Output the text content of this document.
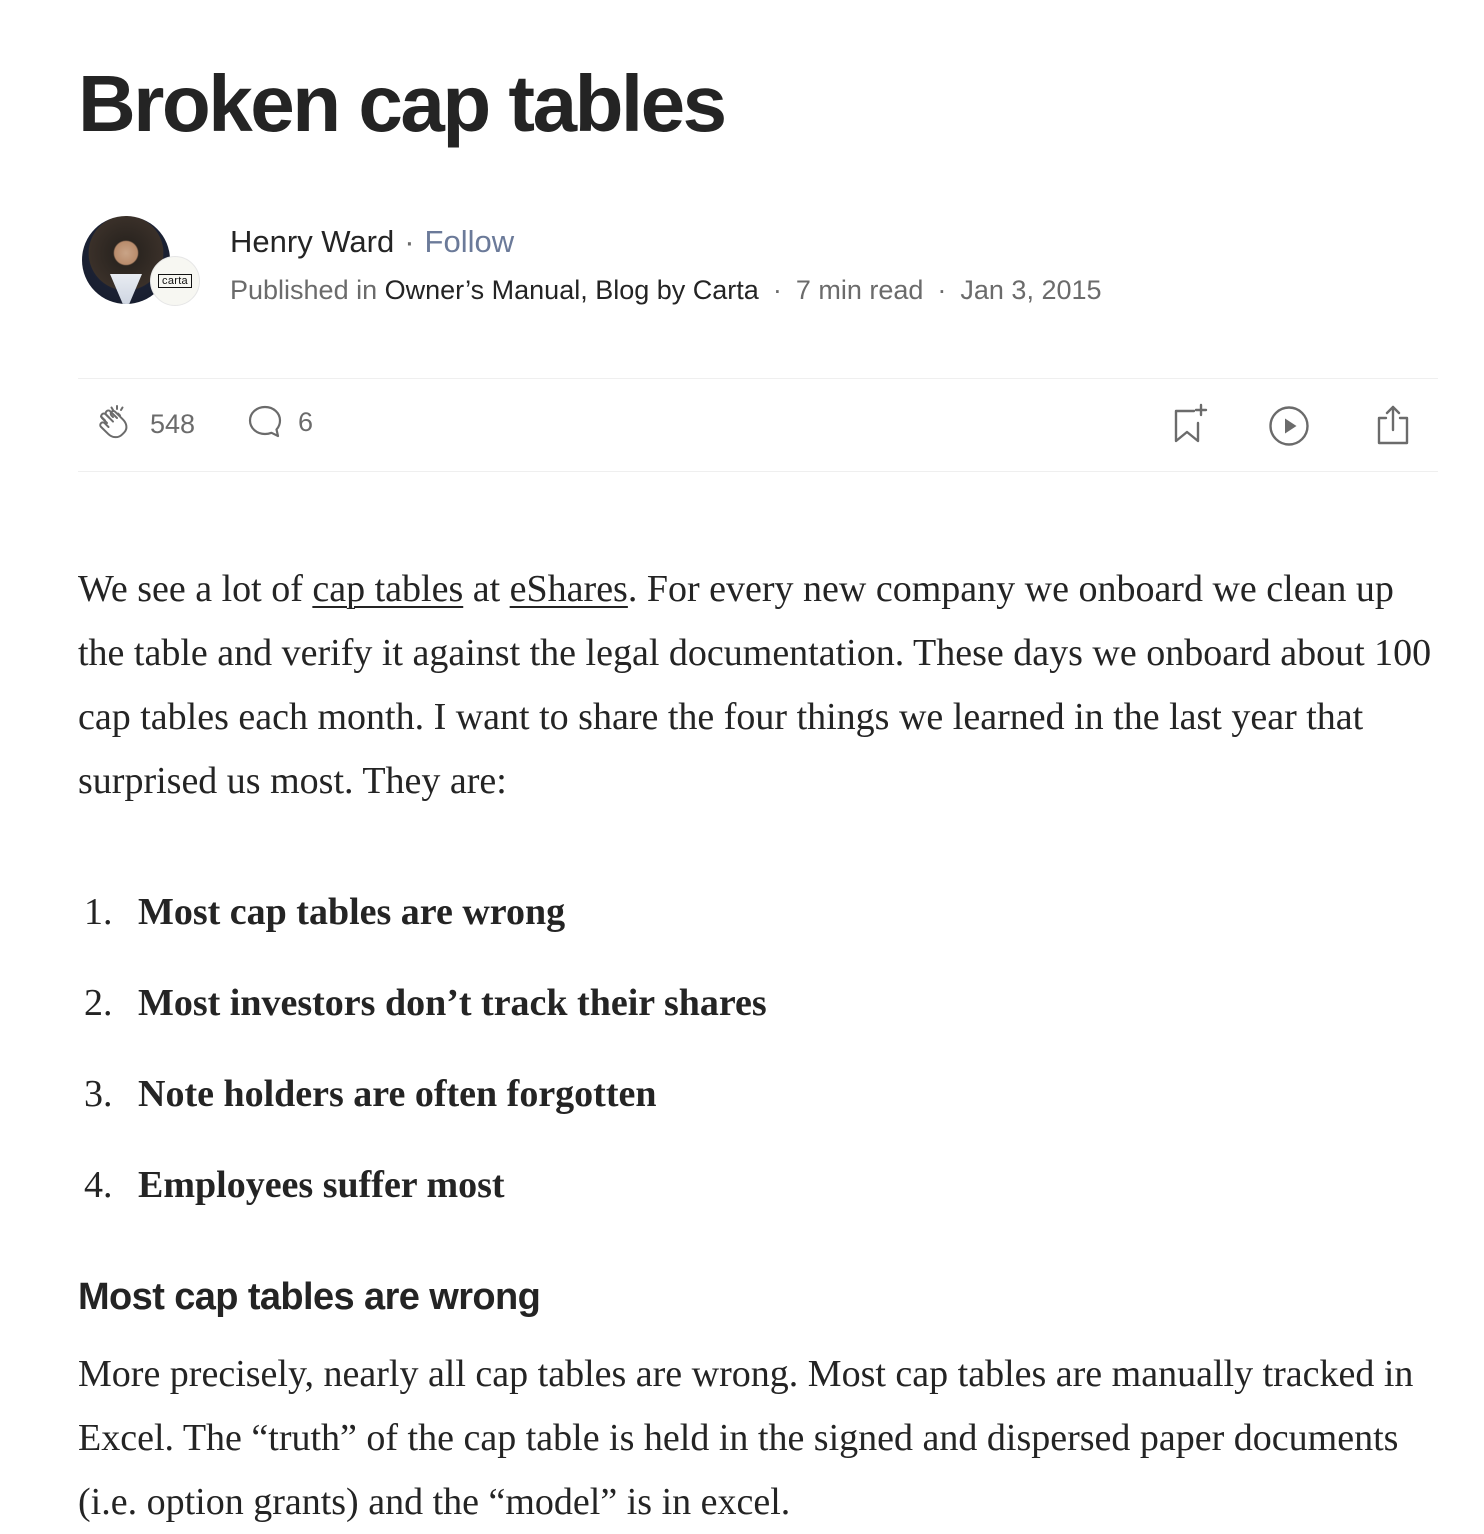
Broken cap tables
carta
Henry Ward · Follow
Published in Owner’s Manual, Blog by Carta · 7 min read · Jan 3, 2015
548	6

We see a lot of cap tables at eShares. For every new company we onboard we clean up the table and verify it against the legal documentation. These days we onboard about 100 cap tables each month. I want to share the four things we learned in the last year that surprised us most. They are:

1. Most cap tables are wrong
2. Most investors don’t track their shares
3. Note holders are often forgotten
4. Employees suffer most
Most cap tables are wrong

More precisely, nearly all cap tables are wrong. Most cap tables are manually tracked in Excel. The “truth” of the cap table is held in the signed and dispersed paper documents (i.e. option grants) and the “model” is in excel.
